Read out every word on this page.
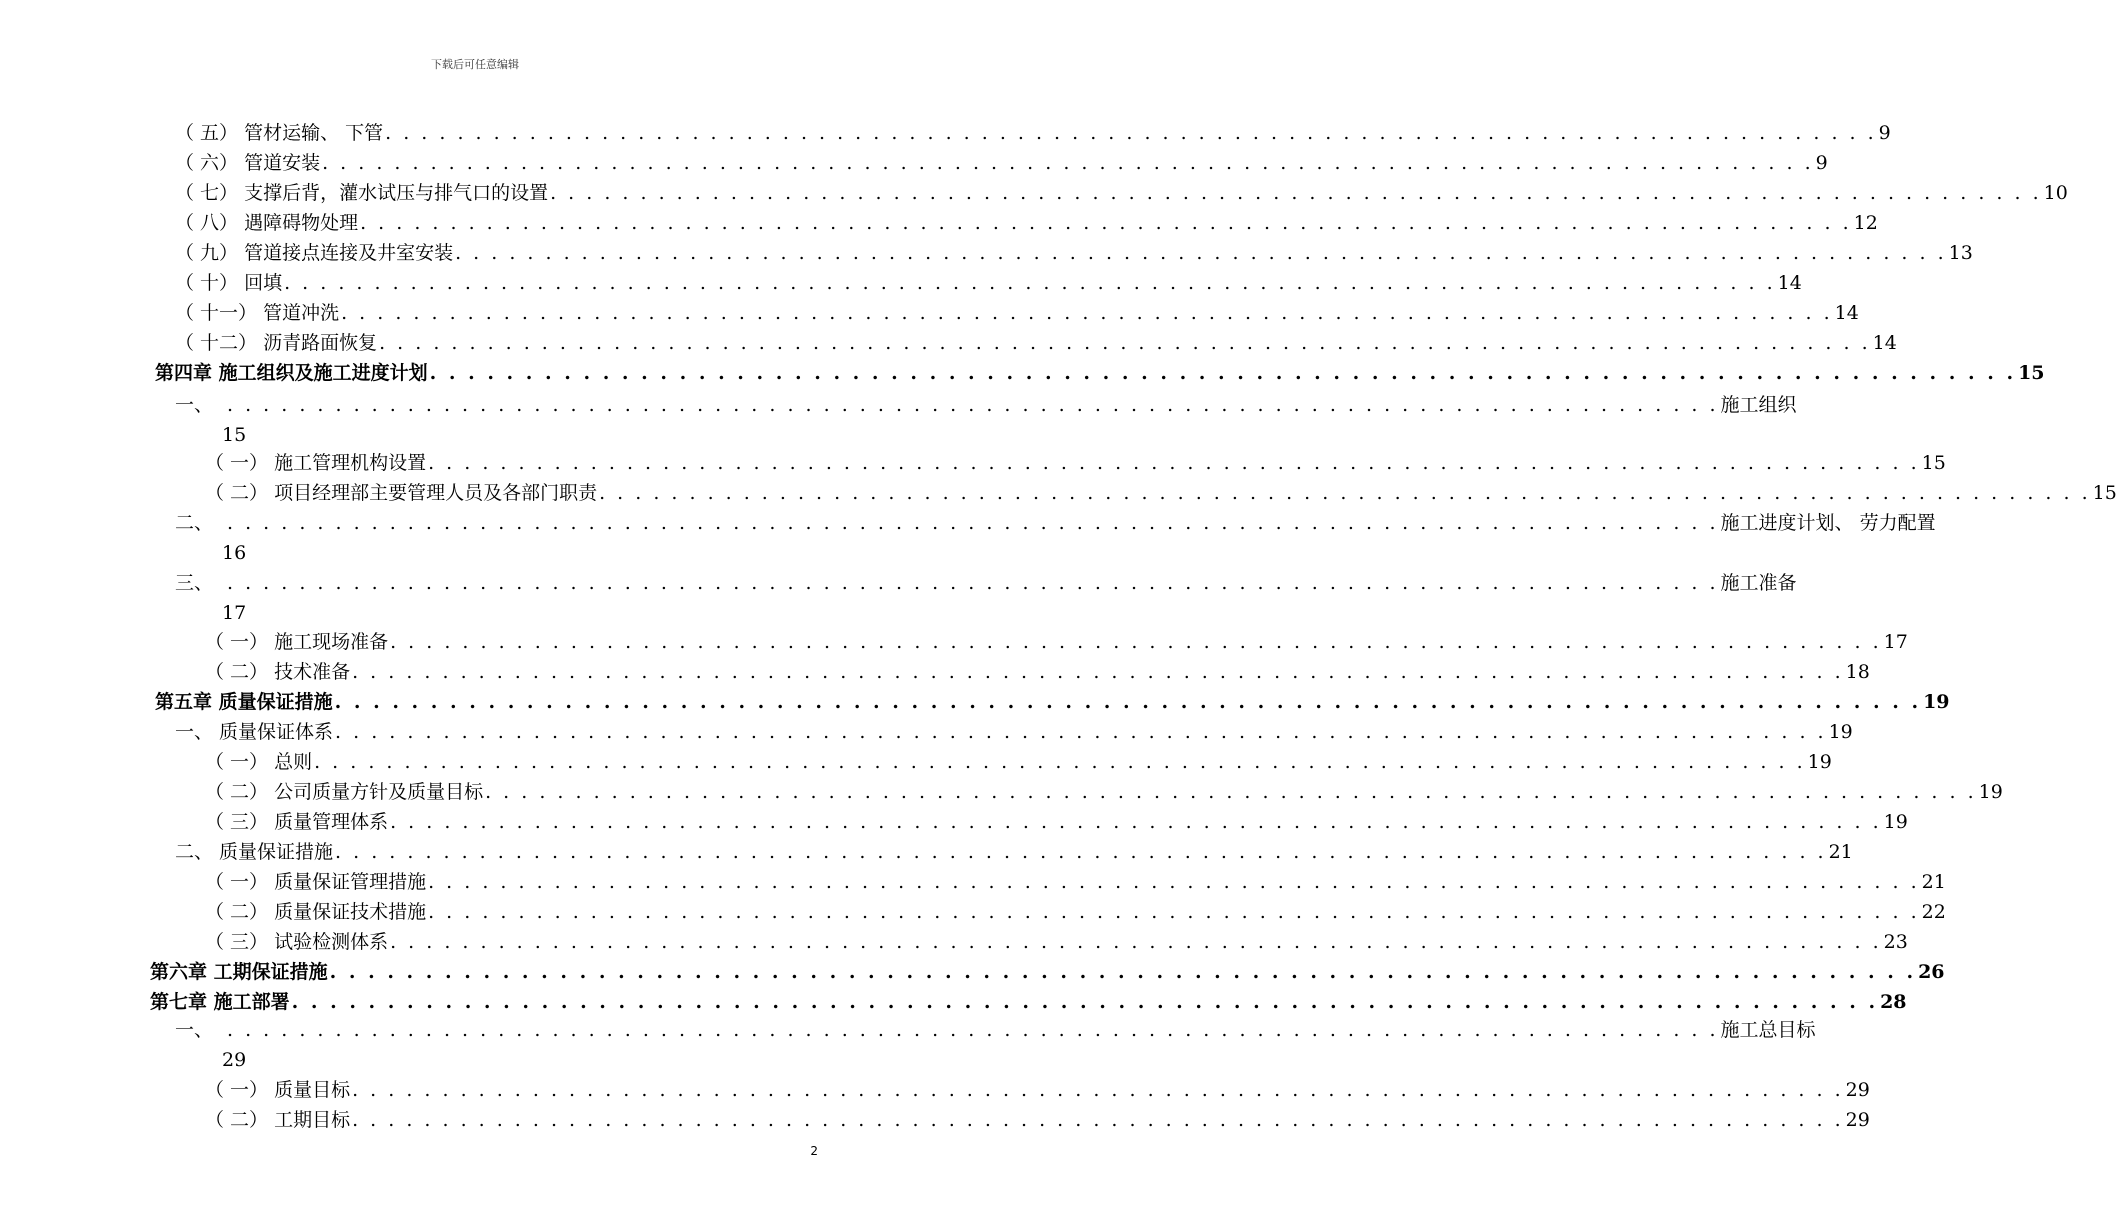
下载后可任意编辑
（ 五） 管材运输、 下管 . . . . . . . . . . . . . . . . . . . . . . . . . . . . . . . . . . . . . . . . . . . . . . . . . . . . . . . . . . . . . . . . . . . . . . . . . . . . . . . . . . . 9
（ 六） 管道安装 . . . . . . . . . . . . . . . . . . . . . . . . . . . . . . . . . . . . . . . . . . . . . . . . . . . . . . . . . . . . . . . . . . . . . . . . . . . . . . . . . . . 9
（ 七） 支撑后背，灌水试压与排气口的设置 . . . . . . . . . . . . . . . . . . . . . . . . . . . . . . . . . . . . . . . . . . . . . . . . . . . . . . . . . . . . . . . . . . . . . . . . . . . . . . . . . . . 10
（ 八） 遇障碍物处理 . . . . . . . . . . . . . . . . . . . . . . . . . . . . . . . . . . . . . . . . . . . . . . . . . . . . . . . . . . . . . . . . . . . . . . . . . . . . . . . . . . . 12
（ 九） 管道接点连接及井室安装 . . . . . . . . . . . . . . . . . . . . . . . . . . . . . . . . . . . . . . . . . . . . . . . . . . . . . . . . . . . . . . . . . . . . . . . . . . . . . . . . . . . 13
（ 十） 回填 . . . . . . . . . . . . . . . . . . . . . . . . . . . . . . . . . . . . . . . . . . . . . . . . . . . . . . . . . . . . . . . . . . . . . . . . . . . . . . . . . . . 14
（ 十一） 管道冲洗 . . . . . . . . . . . . . . . . . . . . . . . . . . . . . . . . . . . . . . . . . . . . . . . . . . . . . . . . . . . . . . . . . . . . . . . . . . . . . . . . . . . 14
（ 十二） 沥青路面恢复 . . . . . . . . . . . . . . . . . . . . . . . . . . . . . . . . . . . . . . . . . . . . . . . . . . . . . . . . . . . . . . . . . . . . . . . . . . . . . . . . . . . 14
第四章 施工组织及施工进度计划 . . . . . . . . . . . . . . . . . . . . . . . . . . . . . . . . . . . . . . . . . . . . . . . . . . . . . . . . . . . . . . . . . . . . . . . . . . . . . . . . . . . 15
一、 . . . . . . . . . . . . . . . . . . . . . . . . . . . . . . . . . . . . . . . . . . . . . . . . . . . . . . . . . . . . . . . . . . . . . . . . . . . . . . . . . . . 施工组织
15
（ 一） 施工管理机构设置 . . . . . . . . . . . . . . . . . . . . . . . . . . . . . . . . . . . . . . . . . . . . . . . . . . . . . . . . . . . . . . . . . . . . . . . . . . . . . . . . . . . 15
（ 二） 项目经理部主要管理人员及各部门职责 . . . . . . . . . . . . . . . . . . . . . . . . . . . . . . . . . . . . . . . . . . . . . . . . . . . . . . . . . . . . . . . . . . . . . . . . . . . . . . . . . . . 15
二、 . . . . . . . . . . . . . . . . . . . . . . . . . . . . . . . . . . . . . . . . . . . . . . . . . . . . . . . . . . . . . . . . . . . . . . . . . . . . . . . . . . . 施工进度计划、 劳力配置
16
三、 . . . . . . . . . . . . . . . . . . . . . . . . . . . . . . . . . . . . . . . . . . . . . . . . . . . . . . . . . . . . . . . . . . . . . . . . . . . . . . . . . . . 施工准备
17
（ 一） 施工现场准备 . . . . . . . . . . . . . . . . . . . . . . . . . . . . . . . . . . . . . . . . . . . . . . . . . . . . . . . . . . . . . . . . . . . . . . . . . . . . . . . . . . . 17
（ 二） 技术准备 . . . . . . . . . . . . . . . . . . . . . . . . . . . . . . . . . . . . . . . . . . . . . . . . . . . . . . . . . . . . . . . . . . . . . . . . . . . . . . . . . . . 18
第五章 质量保证措施 . . . . . . . . . . . . . . . . . . . . . . . . . . . . . . . . . . . . . . . . . . . . . . . . . . . . . . . . . . . . . . . . . . . . . . . . . . . . . . . . . . . 19
一、 质量保证体系 . . . . . . . . . . . . . . . . . . . . . . . . . . . . . . . . . . . . . . . . . . . . . . . . . . . . . . . . . . . . . . . . . . . . . . . . . . . . . . . . . . . 19
（ 一） 总则 . . . . . . . . . . . . . . . . . . . . . . . . . . . . . . . . . . . . . . . . . . . . . . . . . . . . . . . . . . . . . . . . . . . . . . . . . . . . . . . . . . . 19
（ 二） 公司质量方针及质量目标 . . . . . . . . . . . . . . . . . . . . . . . . . . . . . . . . . . . . . . . . . . . . . . . . . . . . . . . . . . . . . . . . . . . . . . . . . . . . . . . . . . . 19
（ 三） 质量管理体系 . . . . . . . . . . . . . . . . . . . . . . . . . . . . . . . . . . . . . . . . . . . . . . . . . . . . . . . . . . . . . . . . . . . . . . . . . . . . . . . . . . . 19
二、 质量保证措施 . . . . . . . . . . . . . . . . . . . . . . . . . . . . . . . . . . . . . . . . . . . . . . . . . . . . . . . . . . . . . . . . . . . . . . . . . . . . . . . . . . . 21
（ 一） 质量保证管理措施 . . . . . . . . . . . . . . . . . . . . . . . . . . . . . . . . . . . . . . . . . . . . . . . . . . . . . . . . . . . . . . . . . . . . . . . . . . . . . . . . . . . 21
（ 二） 质量保证技术措施 . . . . . . . . . . . . . . . . . . . . . . . . . . . . . . . . . . . . . . . . . . . . . . . . . . . . . . . . . . . . . . . . . . . . . . . . . . . . . . . . . . . 22
（ 三） 试验检测体系 . . . . . . . . . . . . . . . . . . . . . . . . . . . . . . . . . . . . . . . . . . . . . . . . . . . . . . . . . . . . . . . . . . . . . . . . . . . . . . . . . . . 23
第六章 工期保证措施 . . . . . . . . . . . . . . . . . . . . . . . . . . . . . . . . . . . . . . . . . . . . . . . . . . . . . . . . . . . . . . . . . . . . . . . . . . . . . . . . . . . 26
第七章 施工部署 . . . . . . . . . . . . . . . . . . . . . . . . . . . . . . . . . . . . . . . . . . . . . . . . . . . . . . . . . . . . . . . . . . . . . . . . . . . . . . . . . . . 28
一、 . . . . . . . . . . . . . . . . . . . . . . . . . . . . . . . . . . . . . . . . . . . . . . . . . . . . . . . . . . . . . . . . . . . . . . . . . . . . . . . . . . . 施工总目标
29
（ 一） 质量目标 . . . . . . . . . . . . . . . . . . . . . . . . . . . . . . . . . . . . . . . . . . . . . . . . . . . . . . . . . . . . . . . . . . . . . . . . . . . . . . . . . . . 29
（ 二） 工期目标 . . . . . . . . . . . . . . . . . . . . . . . . . . . . . . . . . . . . . . . . . . . . . . . . . . . . . . . . . . . . . . . . . . . . . . . . . . . . . . . . . . . 29
2
